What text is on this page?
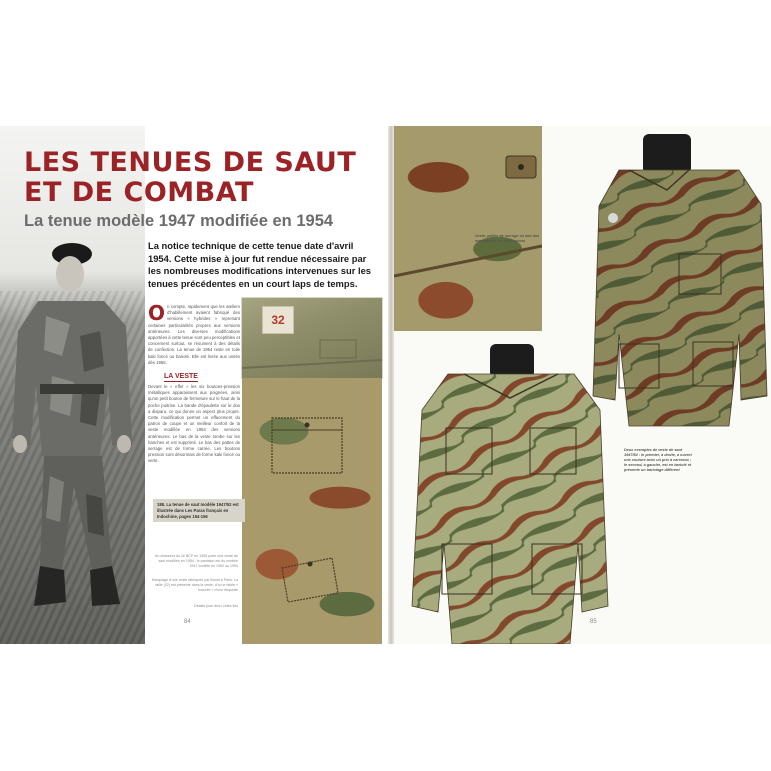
LES TENUES DE SAUT ET DE COMBAT
La tenue modèle 1947 modifiée en 1954

La notice technique de cette tenue date d'avril 1954. Cette mise à jour fut rendue nécessaire par les nombreuses modifications intervenues sur les tenues précédentes en un court laps de temps.

On compte, rapidement que les ateliers d'habillement avaient fabriqué des versions « hybrides » reprenant certaines particularités propres aux versions antérieures. Les diverses modifications apportées à cette tenue sont peu perceptibles et concernent surtout, se résument à des détails de confection. La tenue de 1954 reste en toile kaki foncé ou bariolé. Elle est livrée aux unités dès 1955.

LA VESTE

Devant le « effet » les six boutons-pression métalliques apparaissent aux poignées, ainsi qu'un petit bouton de fermeture sur le haut de la poche poitrine. La bande d'épaulette sur le dos a disparu, ce qui donne un aspect plus propre. Cette modification permet un effacement du patron de coupe et un meilleur confort de la veste modifiée en 1954 des versions antérieures. Le bas de la veste tombe sur les hanches et est supprimé. Le bas des pattes de serrage est de forme carrée. Les boutons pression sont désormais de forme kaki foncé ou verte.

32

188. La tenue de saut modèle 1947/52 est illustrée dans Les Paras français en Indochine, pages 154-156

Un chasseur du 2e BCP en 1955 porte une veste de saut modifiée en 1954 ; le pantalon est du modèle 1947 modifié en 1952 ou 1954

Marquage d'une veste fabriquée par Bouet à Paris. La taille (32) est présente dans la veste, d'où le faible « bourrée » d'une étiquette

Détails pour deux côtés liés

84

Veste, pattes de serrage au bas des manches et sur les boutons

Deux exemples de veste de saut 1947/54 : le premier, à droite, a ouvert une couture avec un prix à carreaux ; le second, à gauche, est en bariolé et présente un bariolage différent

85
